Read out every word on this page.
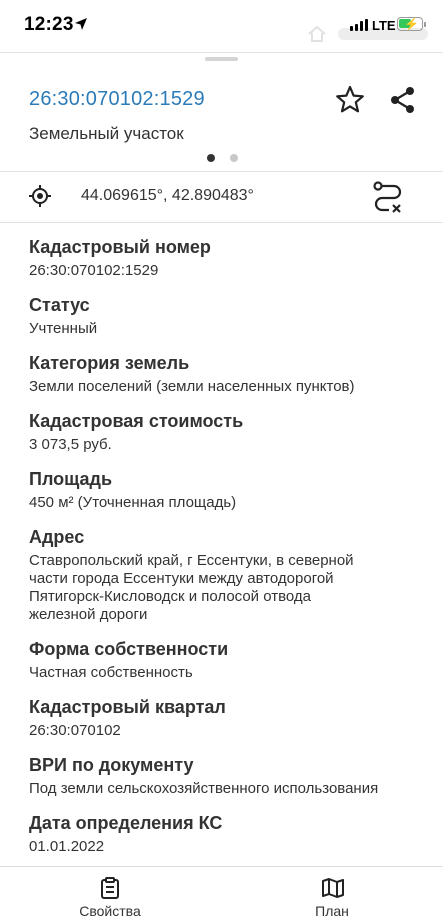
12:23	LTE ⚡
26:30:070102:1529
Земельный участок
44.069615°, 42.890483°
Кадастровый номер
26:30:070102:1529
Статус
Учтенный
Категория земель
Земли поселений (земли населенных пунктов)
Кадастровая стоимость
3 073,5 руб.
Площадь
450 м² (Уточненная площадь)
Адрес
Ставропольский край, г Ессентуки, в северной
части города Ессентуки между автодорогой
Пятигорск-Кисловодск и полосой отвода
железной дороги
Форма собственности
Частная собственность
Кадастровый квартал
26:30:070102
ВРИ по документу
Под земли сельскохозяйственного использования
Дата определения КС
01.01.2022
Свойства	План
